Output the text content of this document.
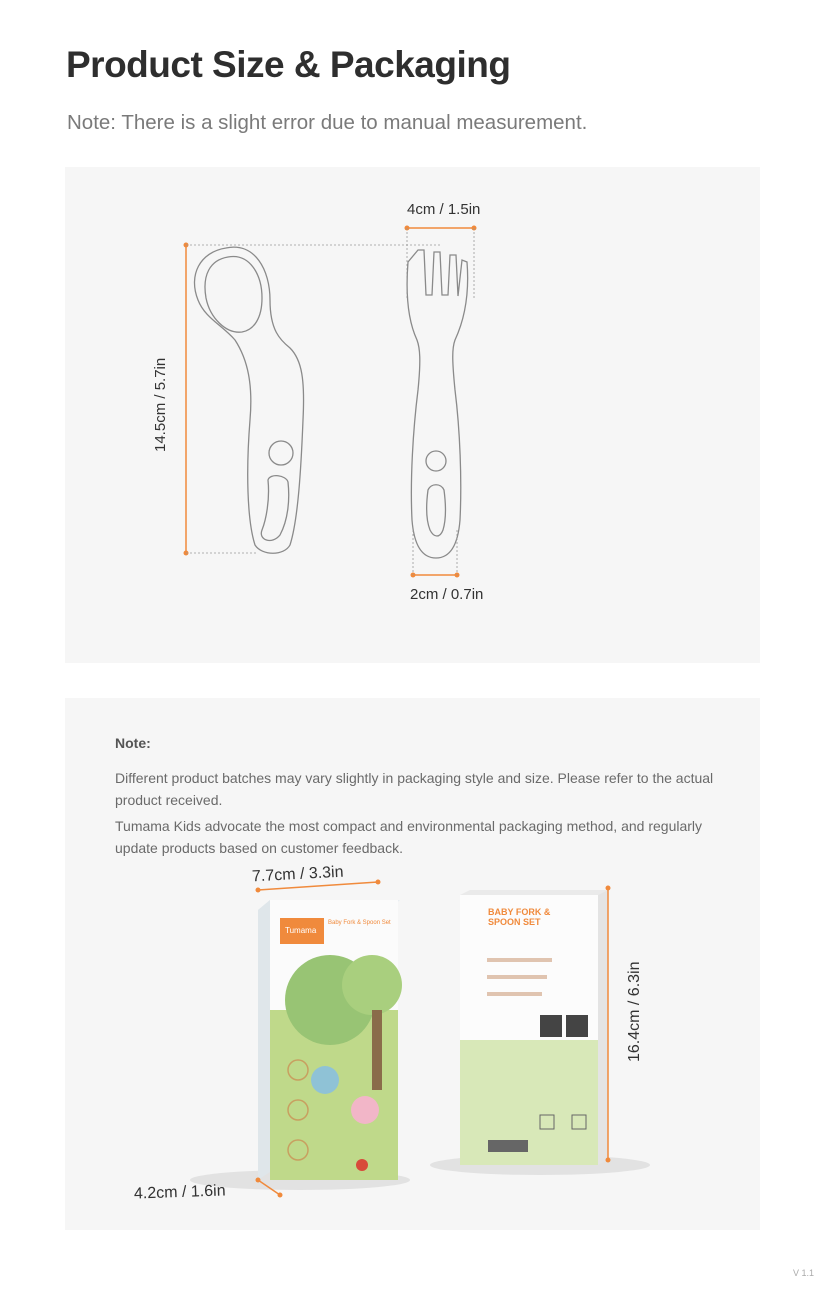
Product Size & Packaging
Note: There is a slight error due to manual measurement.
4cm / 1.5in
14.5cm / 5.7in
2cm / 0.7in
Note:
Different product batches may vary slightly in packaging style and size. Please refer to the actual product received.
Tumama Kids advocate the most compact and environmental packaging method, and regularly update products based on customer feedback.
Tumama
Baby Fork & Spoon Set
BABY FORK & SPOON SET
7.7cm / 3.3in
16.4cm / 6.3in
4.2cm / 1.6in
V 1.1
